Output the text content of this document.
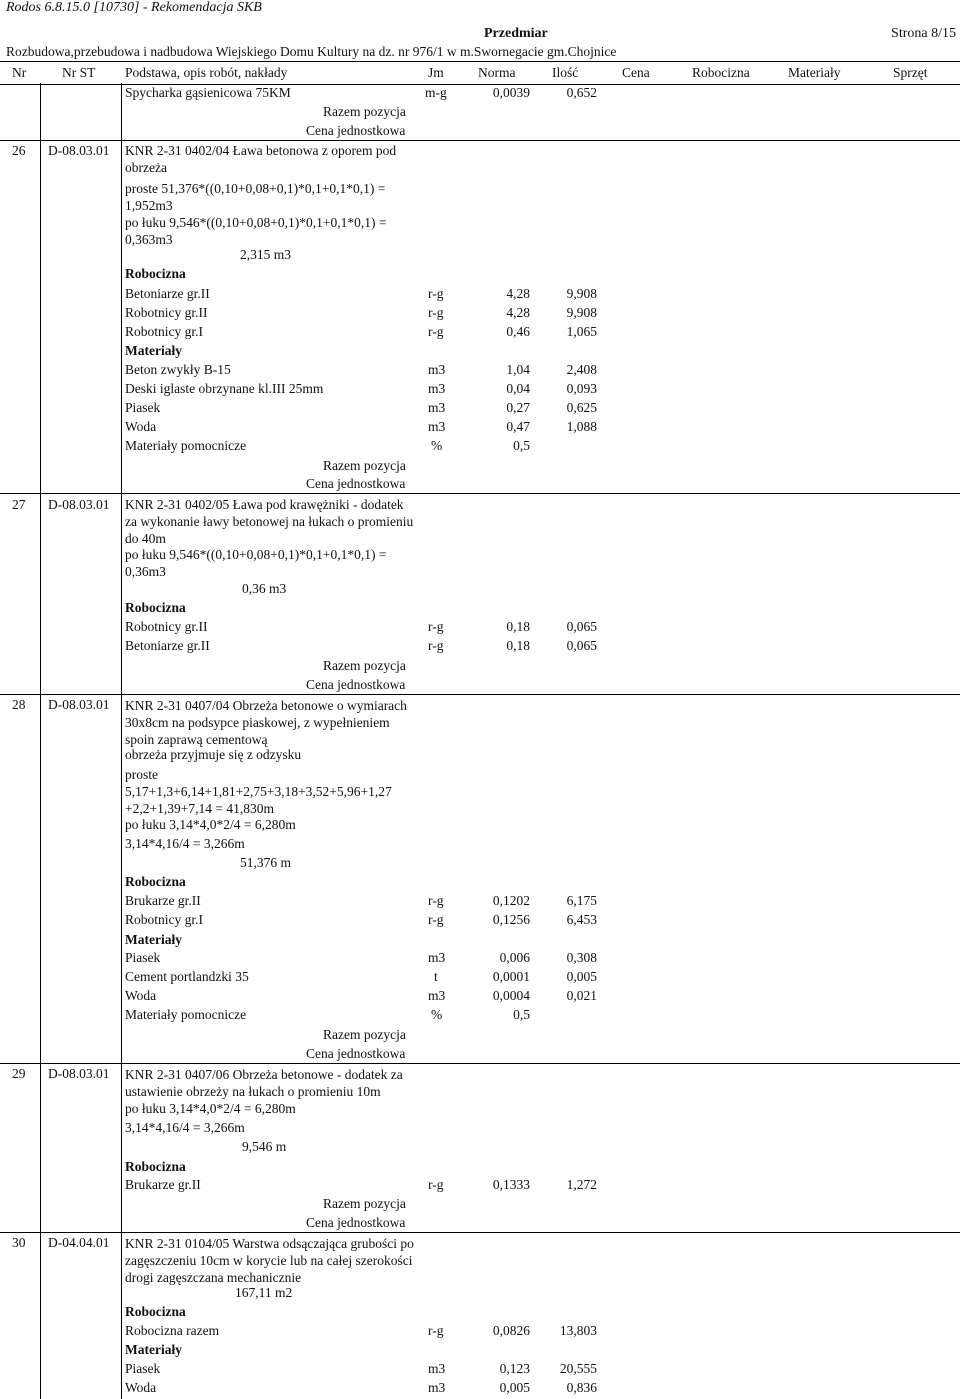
Rodos 6.8.15.0 [10730] - Rekomendacja SKB
Przedmiar	Strona 8/15
Rozbudowa,przebudowa i nadbudowa Wiejskiego Domu Kultury na dz. nr 976/1 w m.Swornegacie gm.Chojnice
Nr	Nr ST Podstawa, opis robót, nakłady	Jm	Norma	Ilość	Cena	Robocizna	Materiały	Sprzęt
Spycharka gąsienicowa 75KM	m-g	0,0039	0,652
Razem pozycja
Cena jednostkowa
26 D-08.03.01 KNR 2-31 0402/04 Ława betonowa z oporem pod obrzeża
proste 51,376*((0,10+0,08+0,1)*0,1+0,1*0,1) = 1,952m3
po łuku 9,546*((0,10+0,08+0,1)*0,1+0,1*0,1) = 0,363m3
2,315 m3
Robocizna
Betoniarze gr.II	r-g	4,28	9,908
Robotnicy gr.II	r-g	4,28	9,908
Robotnicy gr.I	r-g	0,46	1,065
Materiały
Beton zwykły B-15	m3	1,04	2,408
Deski iglaste obrzynane kl.III 25mm	m3	0,04	0,093
Piasek	m3	0,27	0,625
Woda	m3	0,47	1,088
Materiały pomocnicze	%	0,5
Razem pozycja
Cena jednostkowa
27 D-08.03.01 KNR 2-31 0402/05 Ława pod krawężniki - dodatek za wykonanie ławy betonowej na łukach o promieniu do 40m
po łuku 9,546*((0,10+0,08+0,1)*0,1+0,1*0,1) = 0,36m3
0,36 m3
Robocizna
Robotnicy gr.II	r-g	0,18	0,065
Betoniarze gr.II	r-g	0,18	0,065
Razem pozycja
Cena jednostkowa
28 D-08.03.01 KNR 2-31 0407/04 Obrzeża betonowe o wymiarach 30x8cm na podsypce piaskowej, z wypełnieniem spoin zaprawą cementową
obrzeża przyjmuje się z odzysku
proste 5,17+1,3+6,14+1,81+2,75+3,18+3,52+5,96+1,27 +2,2+1,39+7,14 = 41,830m
po łuku 3,14*4,0*2/4 = 6,280m
3,14*4,16/4 = 3,266m
51,376 m
Robocizna
Brukarze gr.II	r-g	0,1202	6,175
Robotnicy gr.I	r-g	0,1256	6,453
Materiały
Piasek	m3	0,006	0,308
Cement portlandzki 35	t	0,0001	0,005
Woda	m3	0,0004	0,021
Materiały pomocnicze	%	0,5
Razem pozycja
Cena jednostkowa
29 D-08.03.01 KNR 2-31 0407/06 Obrzeża betonowe - dodatek za ustawienie obrzeży na łukach o promieniu 10m
po łuku 3,14*4,0*2/4 = 6,280m
3,14*4,16/4 = 3,266m
9,546 m
Robocizna
Brukarze gr.II	r-g	0,1333	1,272
Razem pozycja
Cena jednostkowa
30 D-04.04.01 KNR 2-31 0104/05 Warstwa odsączająca grubości po zagęszczeniu 10cm w korycie lub na całej szerokości drogi zagęszczana mechanicznie
167,11 m2
Robocizna
Robocizna razem	r-g	0,0826	13,803
Materiały
Piasek	m3	0,123	20,555
Woda	m3	0,005	0,836
